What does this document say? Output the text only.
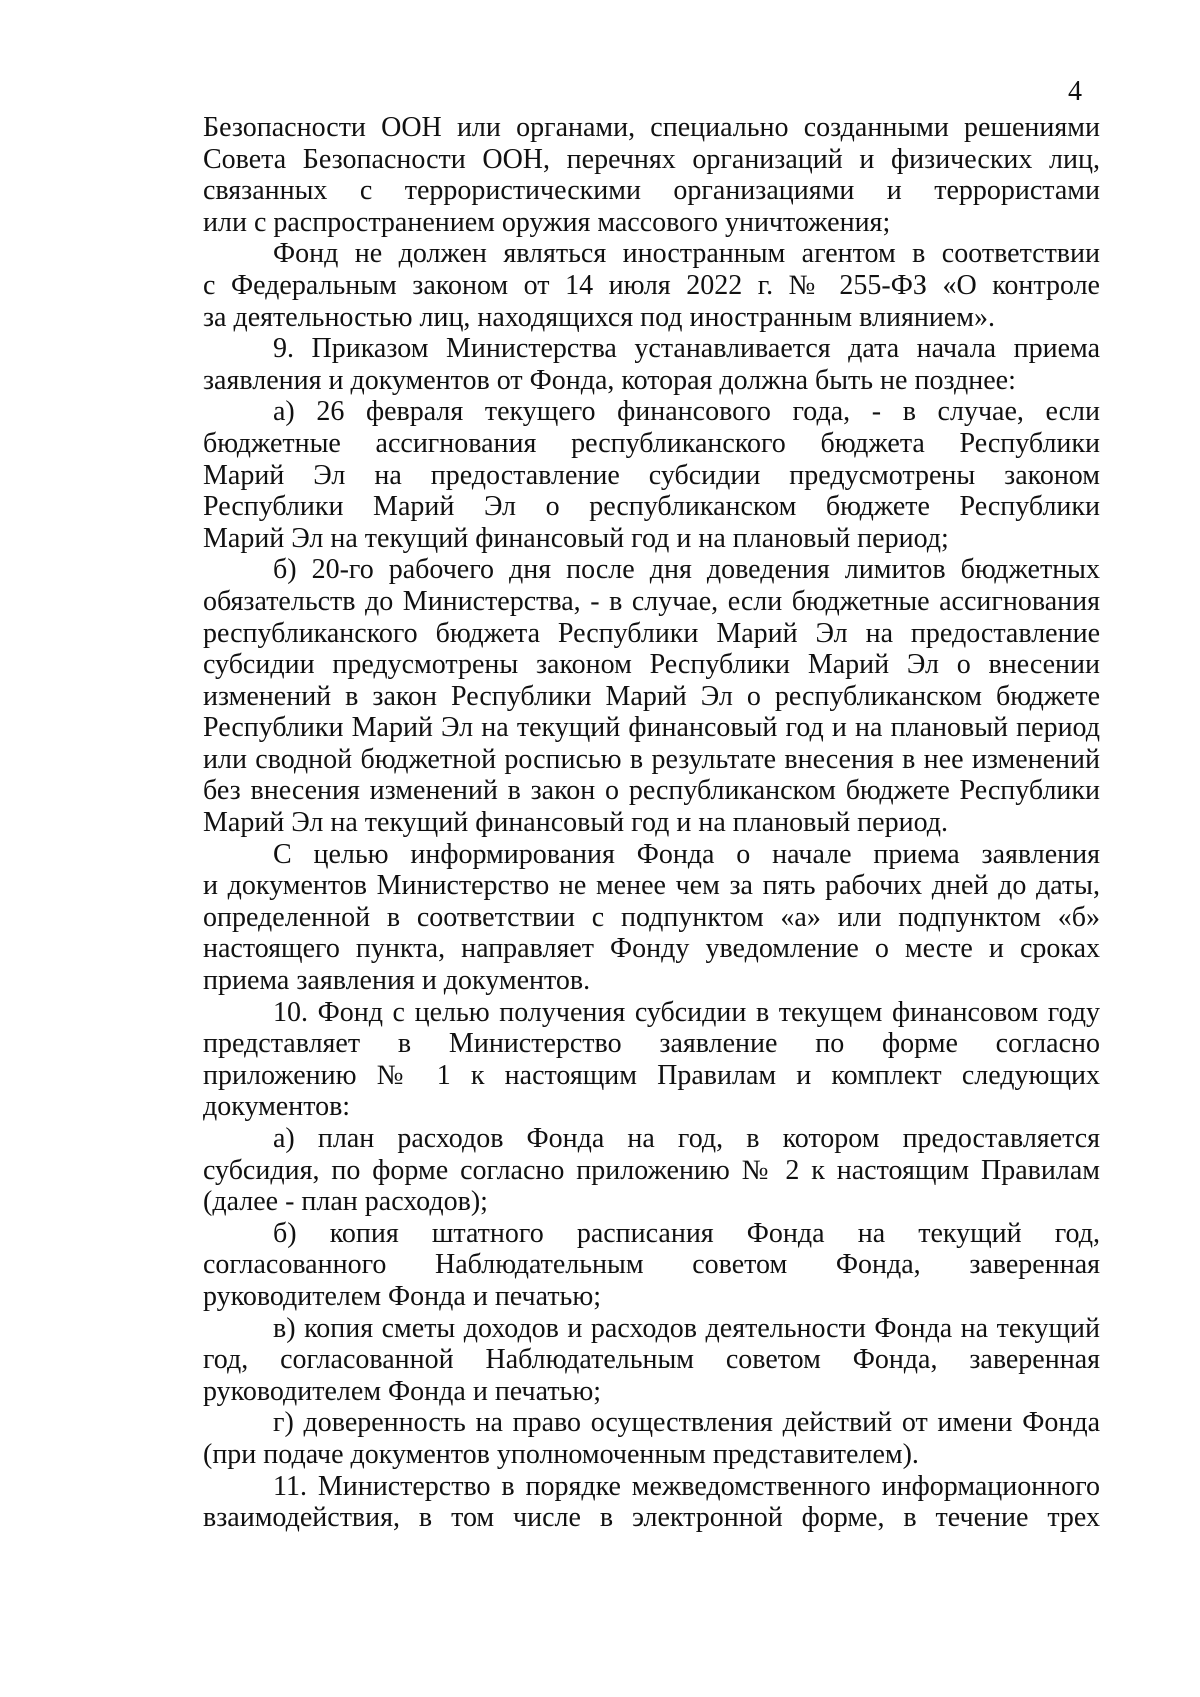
4
Безопасности ООН или органами, специально созданными решениями
Совета Безопасности ООН, перечнях организаций и физических лиц,
связанных с террористическими организациями и террористами
или с распространением оружия массового уничтожения;
Фонд не должен являться иностранным агентом в соответствии
с Федеральным законом от 14 июля 2022 г. № 255-ФЗ «О контроле
за деятельностью лиц, находящихся под иностранным влиянием».
9. Приказом Министерства устанавливается дата начала приема
заявления и документов от Фонда, которая должна быть не позднее:
а) 26 февраля текущего финансового года, - в случае, если
бюджетные ассигнования республиканского бюджета Республики
Марий Эл на предоставление субсидии предусмотрены законом
Республики Марий Эл о республиканском бюджете Республики
Марий Эл на текущий финансовый год и на плановый период;
б) 20-го рабочего дня после дня доведения лимитов бюджетных
обязательств до Министерства, - в случае, если бюджетные ассигнования
республиканского бюджета Республики Марий Эл на предоставление
субсидии предусмотрены законом Республики Марий Эл о внесении
изменений в закон Республики Марий Эл о республиканском бюджете
Республики Марий Эл на текущий финансовый год и на плановый период
или сводной бюджетной росписью в результате внесения в нее изменений
без внесения изменений в закон о республиканском бюджете Республики
Марий Эл на текущий финансовый год и на плановый период.
С целью информирования Фонда о начале приема заявления
и документов Министерство не менее чем за пять рабочих дней до даты,
определенной в соответствии с подпунктом «а» или подпунктом «б»
настоящего пункта, направляет Фонду уведомление о месте и сроках
приема заявления и документов.
10. Фонд с целью получения субсидии в текущем финансовом году
представляет в Министерство заявление по форме согласно
приложению № 1 к настоящим Правилам и комплект следующих
документов:
а) план расходов Фонда на год, в котором предоставляется
субсидия, по форме согласно приложению № 2 к настоящим Правилам
(далее - план расходов);
б) копия штатного расписания Фонда на текущий год,
согласованного Наблюдательным советом Фонда, заверенная
руководителем Фонда и печатью;
в) копия сметы доходов и расходов деятельности Фонда на текущий
год, согласованной Наблюдательным советом Фонда, заверенная
руководителем Фонда и печатью;
г) доверенность на право осуществления действий от имени Фонда
(при подаче документов уполномоченным представителем).
11. Министерство в порядке межведомственного информационного
взаимодействия, в том числе в электронной форме, в течение трех
